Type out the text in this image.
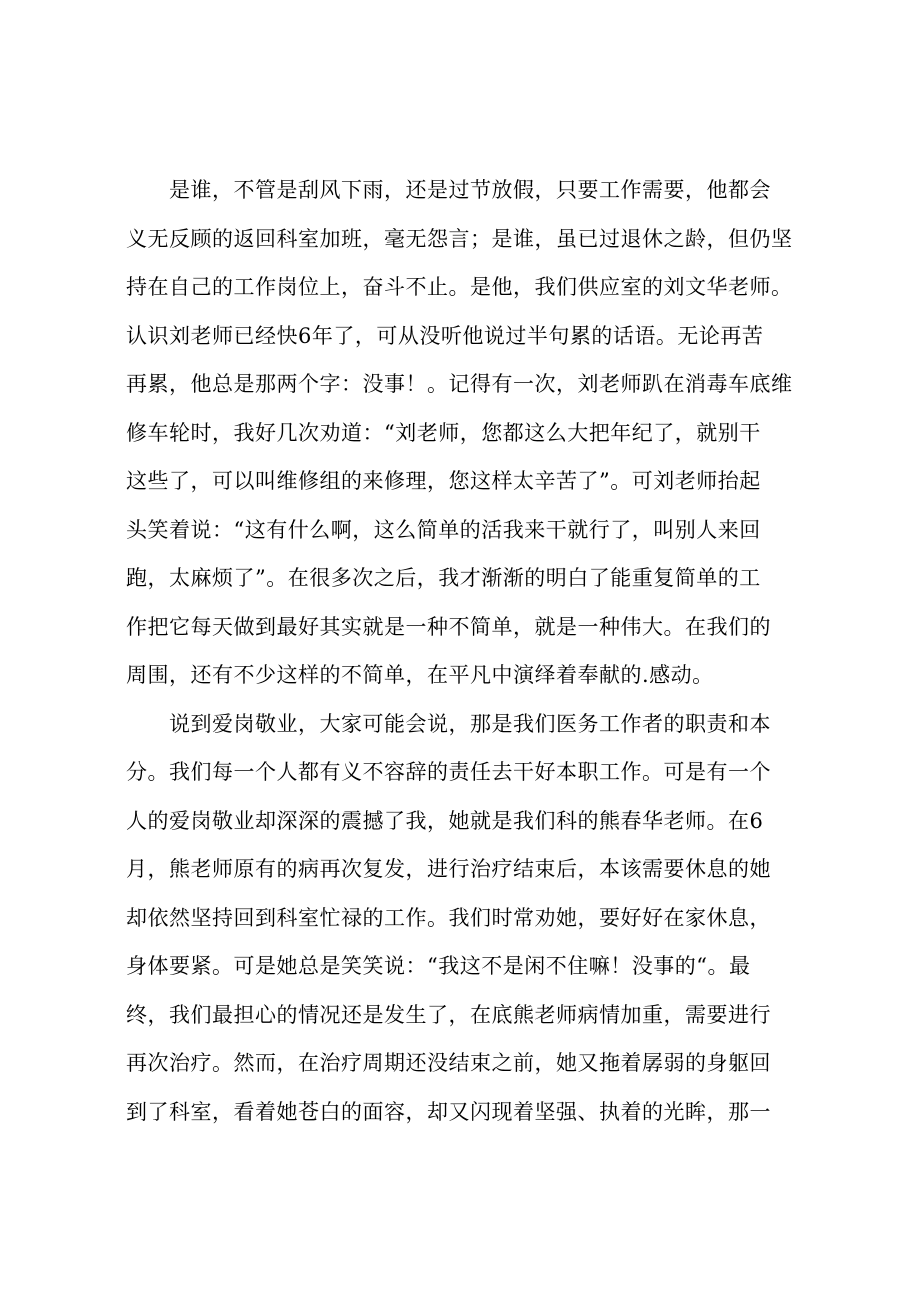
　　是谁，不管是刮风下雨，还是过节放假，只要工作需要，他都会
义无反顾的返回科室加班，毫无怨言；是谁，虽已过退休之龄，但仍坚
持在自己的工作岗位上，奋斗不止。是他，我们供应室的刘文华老师。
认识刘老师已经快6年了，可从没听他说过半句累的话语。无论再苦
再累，他总是那两个字：没事！。记得有一次，刘老师趴在消毒车底维
修车轮时，我好几次劝道：“刘老师，您都这么大把年纪了，就别干
这些了，可以叫维修组的来修理，您这样太辛苦了”。可刘老师抬起
头笑着说：“这有什么啊，这么简单的活我来干就行了，叫别人来回
跑，太麻烦了”。在很多次之后，我才渐渐的明白了能重复简单的工
作把它每天做到最好其实就是一种不简单，就是一种伟大。在我们的
周围，还有不少这样的不简单，在平凡中演绎着奉献的.感动。
　　说到爱岗敬业，大家可能会说，那是我们医务工作者的职责和本
分。我们每一个人都有义不容辞的责任去干好本职工作。可是有一个
人的爱岗敬业却深深的震撼了我，她就是我们科的熊春华老师。在6
月，熊老师原有的病再次复发，进行治疗结束后，本该需要休息的她
却依然坚持回到科室忙禄的工作。我们时常劝她，要好好在家休息，
身体要紧。可是她总是笑笑说：“我这不是闲不住嘛！没事的“。最
终，我们最担心的情况还是发生了，在底熊老师病情加重，需要进行
再次治疗。然而，在治疗周期还没结束之前，她又拖着孱弱的身躯回
到了科室，看着她苍白的面容，却又闪现着坚强、执着的光眸，那一
